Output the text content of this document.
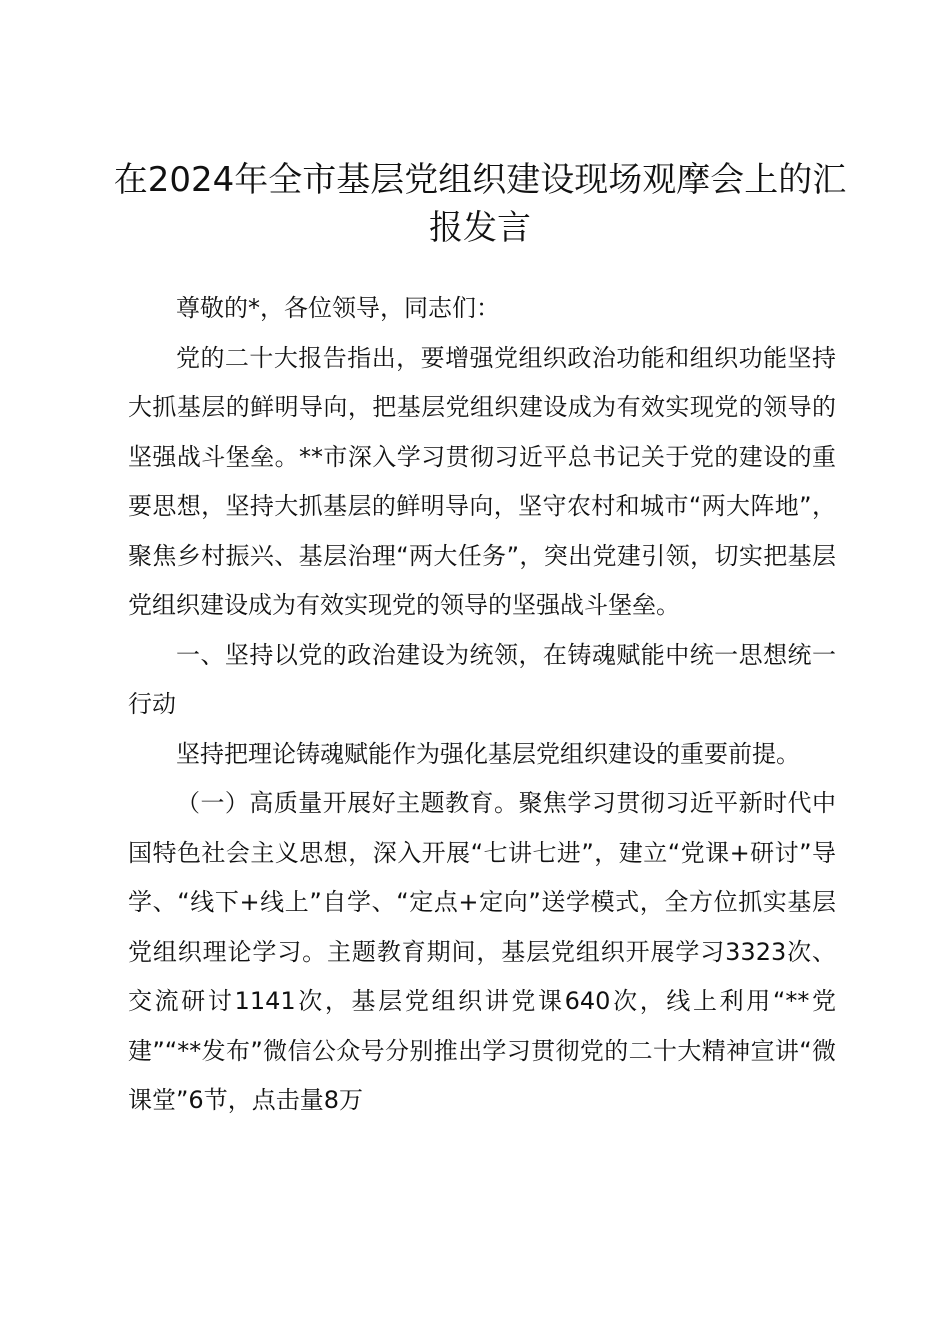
在2024年全市基层党组织建设现场观摩会上的汇报发言

尊敬的*，各位领导，同志们：

党的二十大报告指出，要增强党组织政治功能和组织功能坚持大抓基层的鲜明导向，把基层党组织建设成为有效实现党的领导的坚强战斗堡垒。**市深入学习贯彻习近平总书记关于党的建设的重要思想，坚持大抓基层的鲜明导向，坚守农村和城市“两大阵地”，聚焦乡村振兴、基层治理“两大任务”，突出党建引领，切实把基层党组织建设成为有效实现党的领导的坚强战斗堡垒。

一、坚持以党的政治建设为统领，在铸魂赋能中统一思想统一行动

坚持把理论铸魂赋能作为强化基层党组织建设的重要前提。

（一）高质量开展好主题教育。聚焦学习贯彻习近平新时代中国特色社会主义思想，深入开展“七讲七进”，建立“党课+研讨”导学、“线下+线上”自学、“定点+定向”送学模式，全方位抓实基层党组织理论学习。主题教育期间，基层党组织开展学习3323次、交流研讨1141次，基层党组织讲党课640次，线上利用“**党建”“**发布”微信公众号分别推出学习贯彻党的二十大精神宣讲“微课堂”6节，点击量8万
